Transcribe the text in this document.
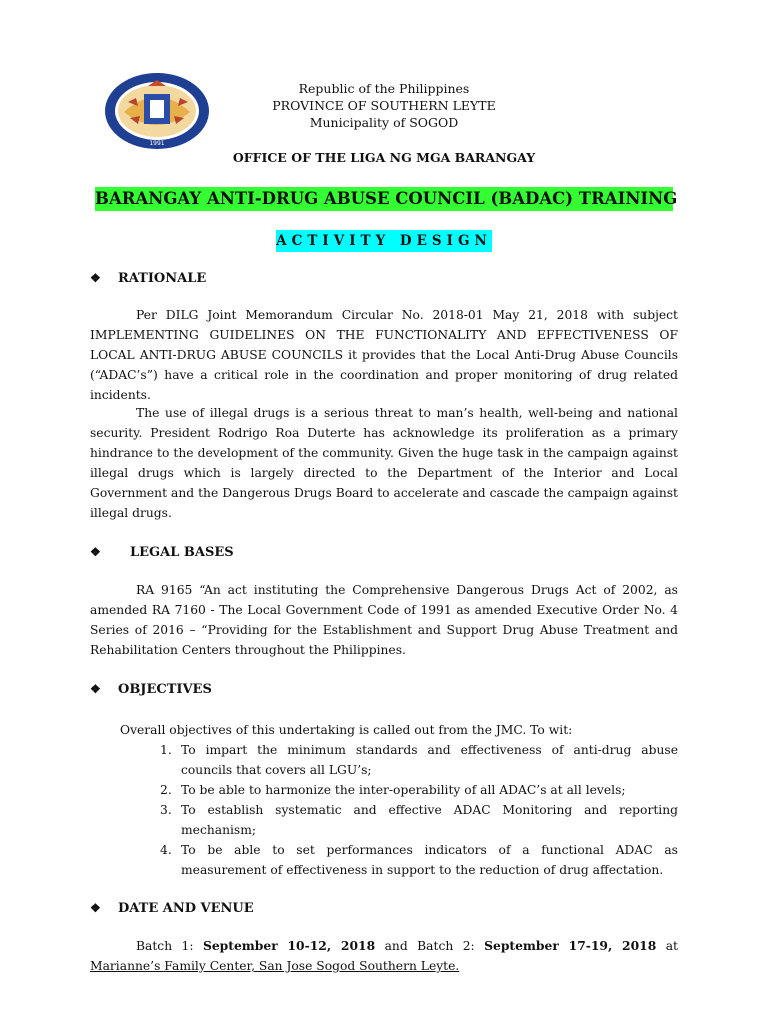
1991
Republic of the Philippines
PROVINCE OF SOUTHERN LEYTE
Municipality of SOGOD
OFFICE OF THE LIGA NG MGA BARANGAY
BARANGAY ANTI-DRUG ABUSE COUNCIL (BADAC) TRAINING
ACTIVITY DESIGN
❖ RATIONALE
Per DILG Joint Memorandum Circular No. 2018-01 May 21, 2018 with subject IMPLEMENTING GUIDELINES ON THE FUNCTIONALITY AND EFFECTIVENESS OF LOCAL ANTI-DRUG ABUSE COUNCILS it provides that the Local Anti-Drug Abuse Councils (“ADAC’s”) have a critical role in the coordination and proper monitoring of drug related incidents.
The use of illegal drugs is a serious threat to man’s health, well-being and national security. President Rodrigo Roa Duterte has acknowledge its proliferation as a primary hindrance to the development of the community. Given the huge task in the campaign against illegal drugs which is largely directed to the Department of the Interior and Local Government and the Dangerous Drugs Board to accelerate and cascade the campaign against illegal drugs.
❖ LEGAL BASES
RA 9165 “An act instituting the Comprehensive Dangerous Drugs Act of 2002, as amended RA 7160 - The Local Government Code of 1991 as amended Executive Order No. 4 Series of 2016 – “Providing for the Establishment and Support Drug Abuse Treatment and Rehabilitation Centers throughout the Philippines.
❖ OBJECTIVES
Overall objectives of this undertaking is called out from the JMC. To wit:
1. To impart the minimum standards and effectiveness of anti-drug abuse councils that covers all LGU’s;
2. To be able to harmonize the inter-operability of all ADAC’s at all levels;
3. To establish systematic and effective ADAC Monitoring and reporting mechanism;
4. To be able to set performances indicators of a functional ADAC as measurement of effectiveness in support to the reduction of drug affectation.
❖ DATE AND VENUE
Batch 1: September 10-12, 2018 and Batch 2: September 17-19, 2018 at Marianne’s Family Center, San Jose Sogod Southern Leyte.
